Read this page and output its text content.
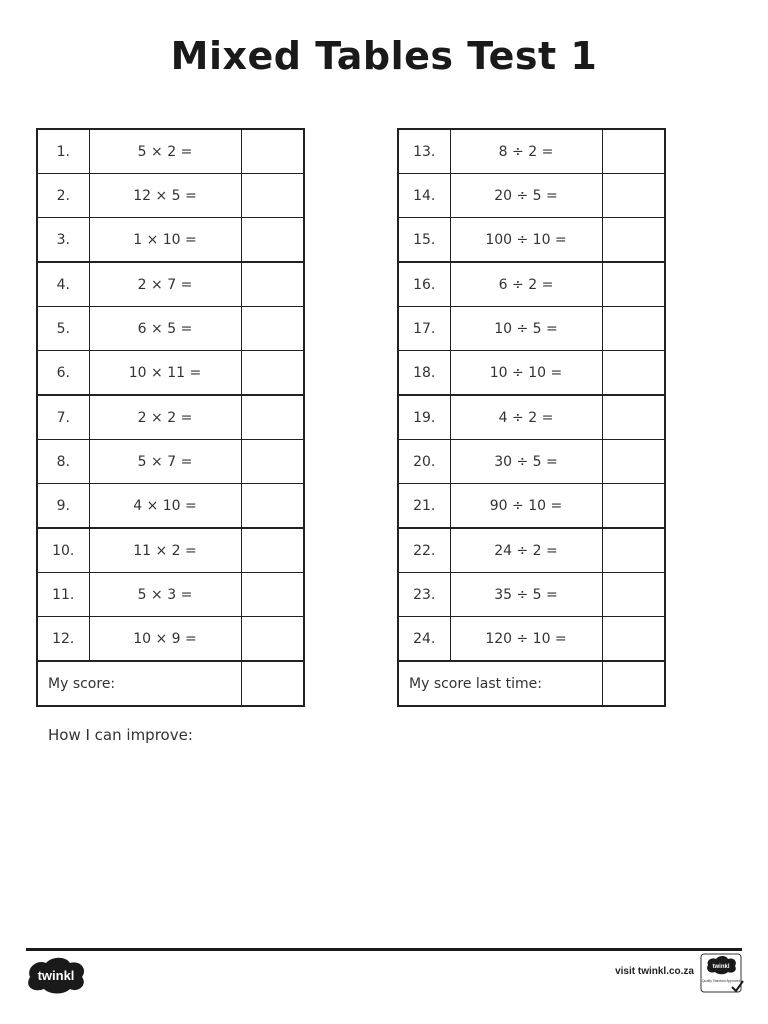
Mixed Tables Test 1
1.	5 × 2 =	
2.	12 × 5 =	
3.	1 × 10 =	
4.	2 × 7 =	
5.	6 × 5 =	
6.	10 × 11 =	
7.	2 × 2 =	
8.	5 × 7 =	
9.	4 × 10 =	
10.	11 × 2 =	
11.	5 × 3 =	
12.	10 × 9 =	
My score:		
13.	8 ÷ 2 =	
14.	20 ÷ 5 =	
15.	100 ÷ 10 =	
16.	6 ÷ 2 =	
17.	10 ÷ 5 =	
18.	10 ÷ 10 =	
19.	4 ÷ 2 =	
20.	30 ÷ 5 =	
21.	90 ÷ 10 =	
22.	24 ÷ 2 =	
23.	35 ÷ 5 =	
24.	120 ÷ 10 =	
My score last time:		
How I can improve:
twinkl	visit twinkl.co.za	twinkl
Quality Standard Approved
